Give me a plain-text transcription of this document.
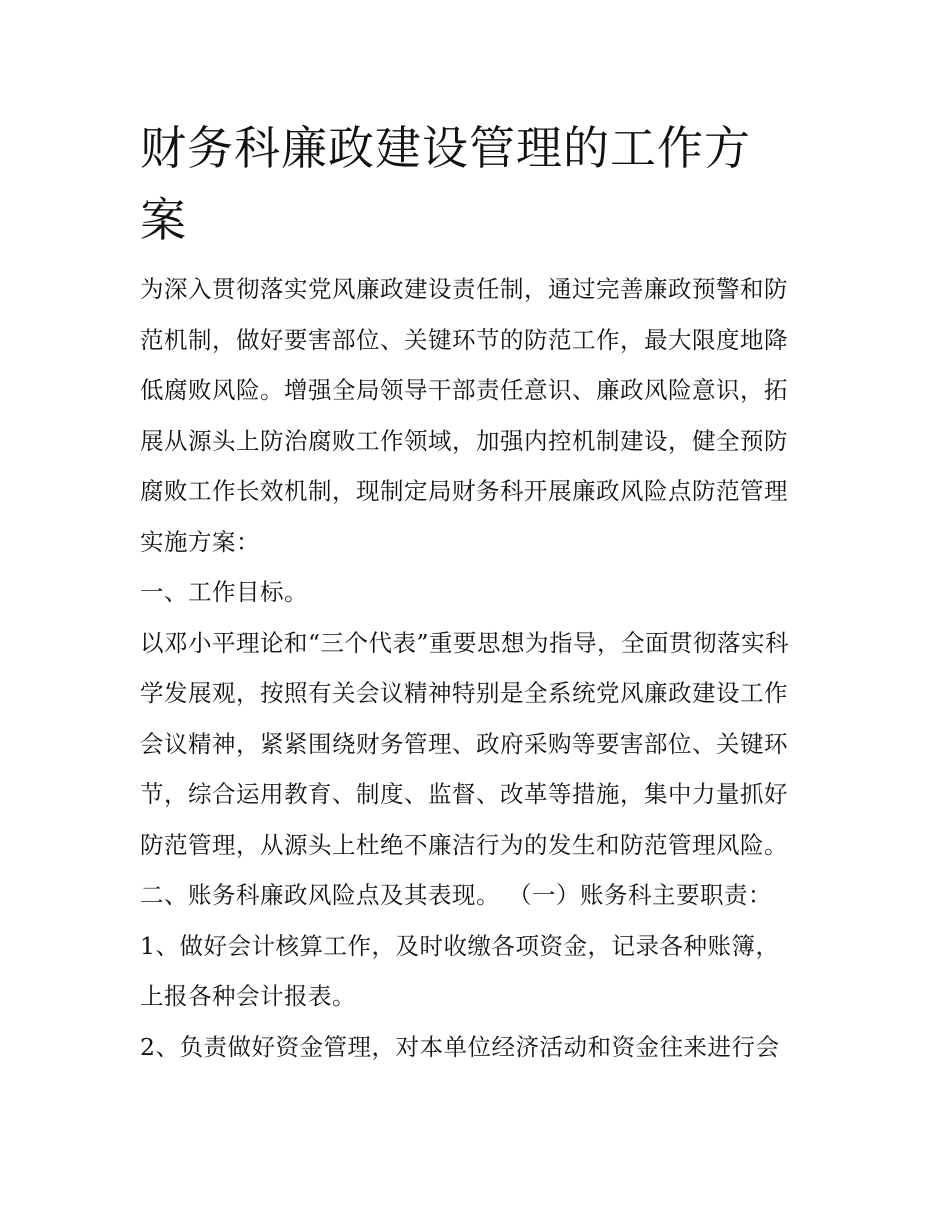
财务科廉政建设管理的工作方
案

为深入贯彻落实党风廉政建设责任制，通过完善廉政预警和防
范机制，做好要害部位、关键环节的防范工作，最大限度地降
低腐败风险。增强全局领导干部责任意识、廉政风险意识，拓
展从源头上防治腐败工作领域，加强内控机制建设，健全预防
腐败工作长效机制，现制定局财务科开展廉政风险点防范管理
实施方案：

一、工作目标。

以邓小平理论和“三个代表”重要思想为指导，全面贯彻落实科
学发展观，按照有关会议精神特别是全系统党风廉政建设工作
会议精神，紧紧围绕财务管理、政府采购等要害部位、关键环
节，综合运用教育、制度、监督、改革等措施，集中力量抓好
防范管理，从源头上杜绝不廉洁行为的发生和防范管理风险。

二、账务科廉政风险点及其表现。 （一）账务科主要职责：

1、做好会计核算工作，及时收缴各项资金，记录各种账簿，
上报各种会计报表。

2、负责做好资金管理，对本单位经济活动和资金往来进行会
